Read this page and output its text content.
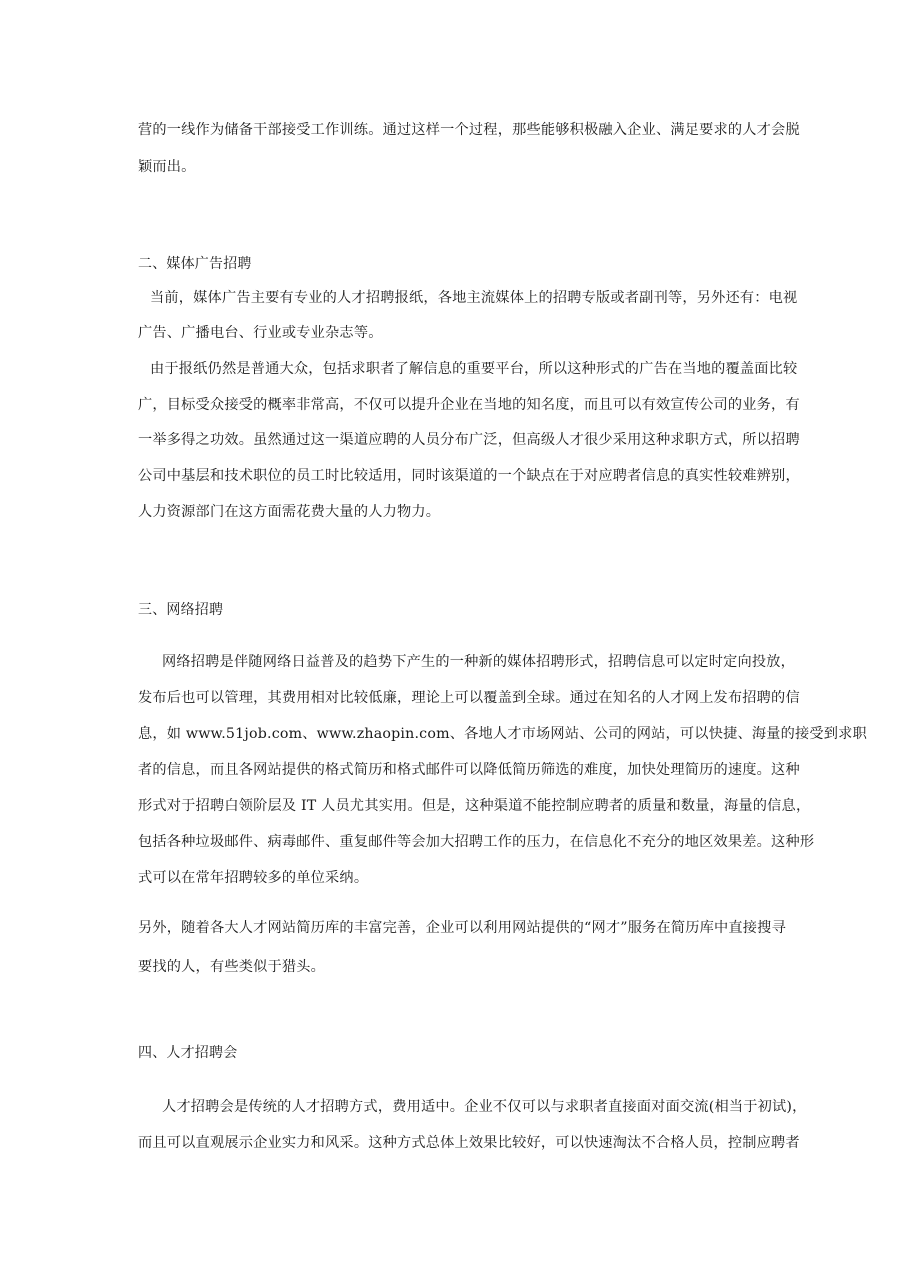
营的一线作为储备干部接受工作训练。通过这样一个过程，那些能够积极融入企业、满足要求的人才会脱
颖而出。
二、媒体广告招聘
当前，媒体广告主要有专业的人才招聘报纸，各地主流媒体上的招聘专版或者副刊等，另外还有：电视
广告、广播电台、行业或专业杂志等。
由于报纸仍然是普通大众，包括求职者了解信息的重要平台，所以这种形式的广告在当地的覆盖面比较
广，目标受众接受的概率非常高，不仅可以提升企业在当地的知名度，而且可以有效宣传公司的业务，有
一举多得之功效。虽然通过这一渠道应聘的人员分布广泛，但高级人才很少采用这种求职方式，所以招聘
公司中基层和技术职位的员工时比较适用，同时该渠道的一个缺点在于对应聘者信息的真实性较难辨别，
人力资源部门在这方面需花费大量的人力物力。
三、网络招聘
网络招聘是伴随网络日益普及的趋势下产生的一种新的媒体招聘形式，招聘信息可以定时定向投放，
发布后也可以管理，其费用相对比较低廉，理论上可以覆盖到全球。通过在知名的人才网上发布招聘的信
息，如 www.51job.com、www.zhaopin.com、各地人才市场网站、公司的网站，可以快捷、海量的接受到求职
者的信息，而且各网站提供的格式简历和格式邮件可以降低简历筛选的难度，加快处理简历的速度。这种
形式对于招聘白领阶层及 IT 人员尤其实用。但是，这种渠道不能控制应聘者的质量和数量，海量的信息，
包括各种垃圾邮件、病毒邮件、重复邮件等会加大招聘工作的压力，在信息化不充分的地区效果差。这种形
式可以在常年招聘较多的单位采纳。
另外，随着各大人才网站简历库的丰富完善，企业可以利用网站提供的“网才”服务在简历库中直接搜寻
要找的人，有些类似于猎头。
四、人才招聘会
人才招聘会是传统的人才招聘方式，费用适中。企业不仅可以与求职者直接面对面交流(相当于初试)，
而且可以直观展示企业实力和风采。这种方式总体上效果比较好，可以快速淘汰不合格人员，控制应聘者
